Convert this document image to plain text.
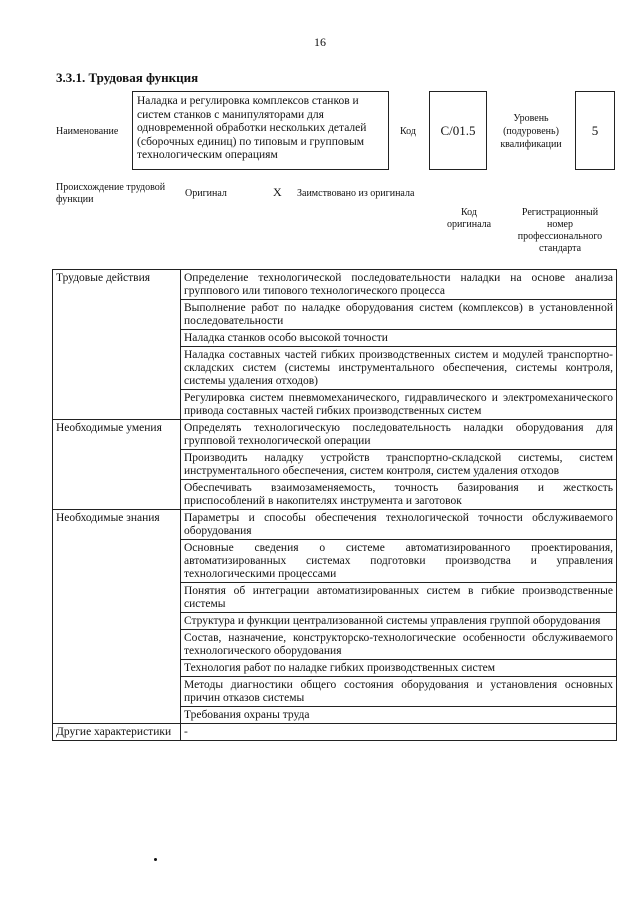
16
3.3.1. Трудовая функция
Наименование
Наладка и регулировка комплексов станков и систем станков с манипуляторами для одновременной обработки нескольких деталей (сборочных единиц) по типовым и групповым технологическим операциям
Код	С/01.5
Уровень (подуровень) квалификации
5
Происхождение трудовой функции
Оригинал	X Заимствовано из оригинала
Код оригинала
Регистрационный номер профессионального стандарта
Трудовые действия	Определение технологической последовательности наладки на основе анализа группового или типового технологического процесса
	Выполнение работ по наладке оборудования систем (комплексов) в установленной последовательности
	Наладка станков особо высокой точности
	Наладка составных частей гибких производственных систем и модулей транспортно-складских систем (системы инструментального обеспечения, системы контроля, системы удаления отходов)
	Регулировка систем пневмомеханического, гидравлического и электромеханического привода составных частей гибких производственных систем
Необходимые умения	Определять технологическую последовательность наладки оборудования для групповой технологической операции
	Производить наладку устройств транспортно-складской системы, систем инструментального обеспечения, систем контроля, систем удаления отходов
	Обеспечивать взаимозаменяемость, точность базирования и жесткость приспособлений в накопителях инструмента и заготовок
Необходимые знания	Параметры и способы обеспечения технологической точности обслуживаемого оборудования
	Основные сведения о системе автоматизированного проектирования, автоматизированных системах подготовки производства и управления технологическими процессами
	Понятия об интеграции автоматизированных систем в гибкие производственные системы
	Структура и функции централизованной системы управления группой оборудования
	Состав, назначение, конструкторско-технологические особенности обслуживаемого технологического оборудования
	Технология работ по наладке гибких производственных систем
	Методы диагностики общего состояния оборудования и установления основных причин отказов системы
	Требования охраны труда
Другие характеристики	-
